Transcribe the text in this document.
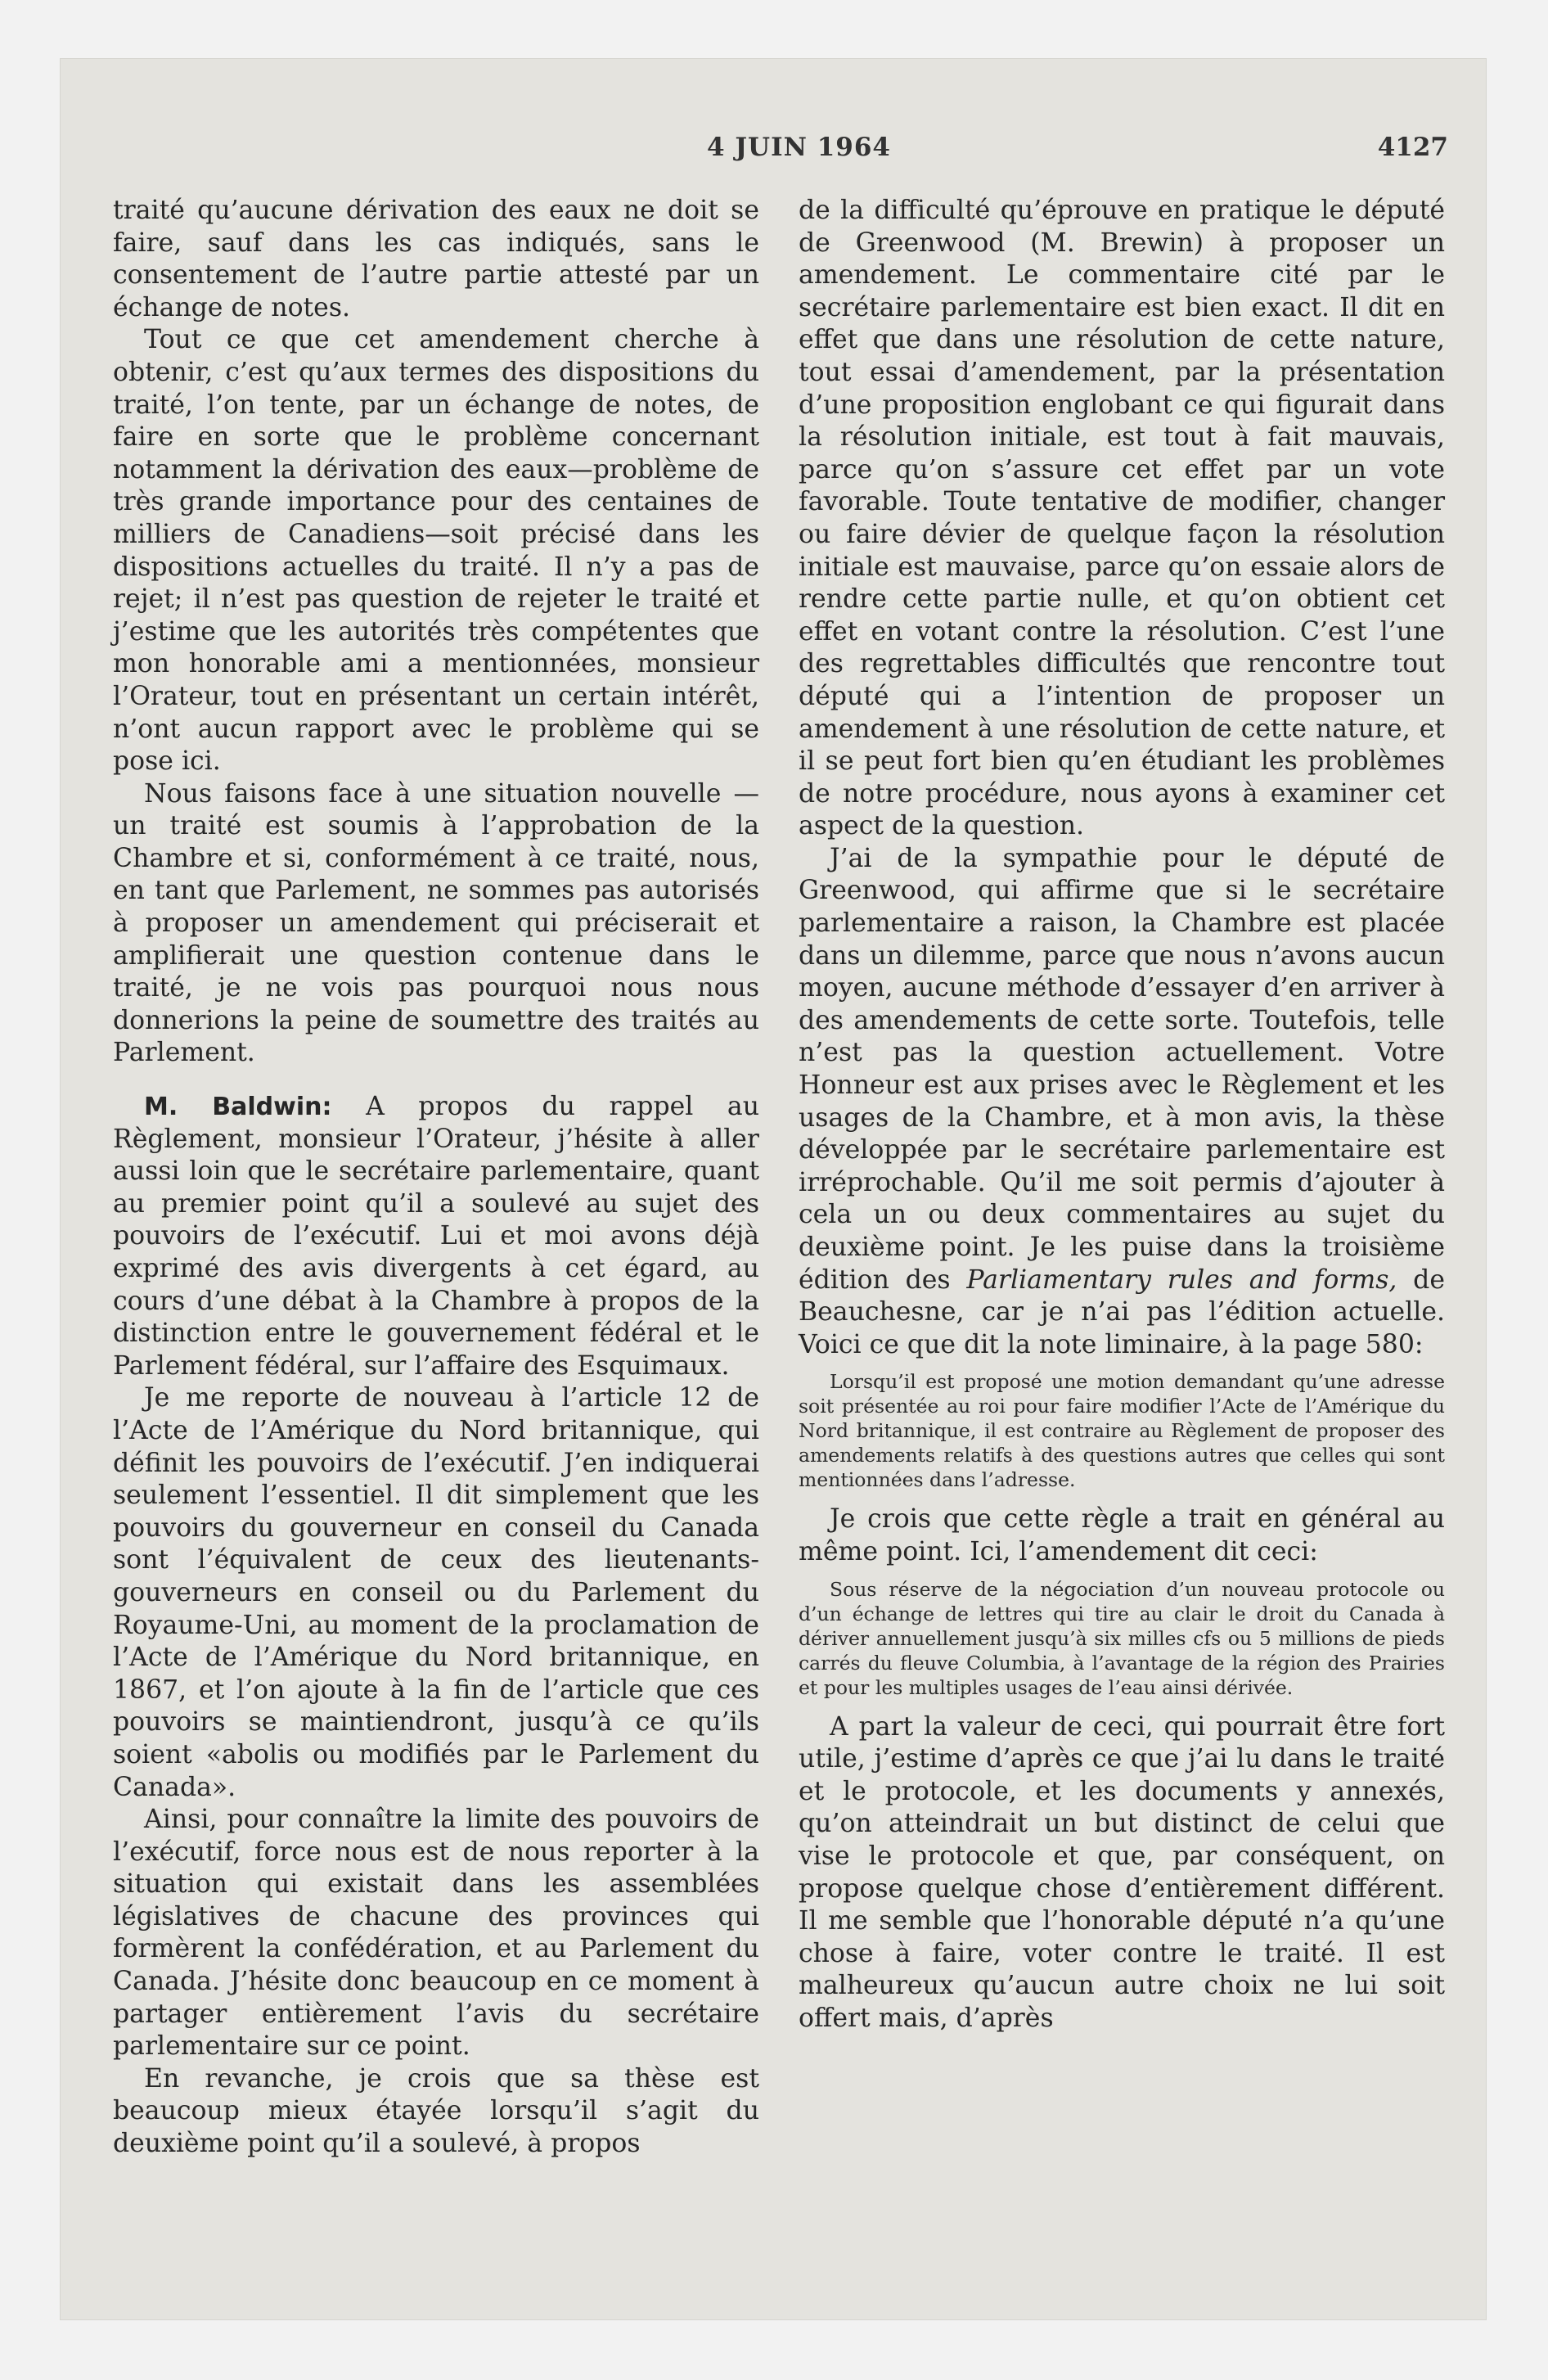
4 JUIN 1964	4127

traité qu’aucune dérivation des eaux ne doit se faire, sauf dans les cas indiqués, sans le consentement de l’autre partie attesté par un échange de notes.

Tout ce que cet amendement cherche à obtenir, c’est qu’aux termes des dispositions du traité, l’on tente, par un échange de notes, de faire en sorte que le problème concernant notamment la dérivation des eaux—problème de très grande importance pour des centaines de milliers de Canadiens—soit précisé dans les dispositions actuelles du traité. Il n’y a pas de rejet; il n’est pas question de rejeter le traité et j’estime que les autorités très compétentes que mon honorable ami a mentionnées, monsieur l’Orateur, tout en présentant un certain intérêt, n’ont aucun rapport avec le problème qui se pose ici.

Nous faisons face à une situation nouvelle —un traité est soumis à l’approbation de la Chambre et si, conformément à ce traité, nous, en tant que Parlement, ne sommes pas autorisés à proposer un amendement qui préciserait et amplifierait une question contenue dans le traité, je ne vois pas pourquoi nous nous donnerions la peine de soumettre des traités au Parlement.

M. Baldwin: A propos du rappel au Règlement, monsieur l’Orateur, j’hésite à aller aussi loin que le secrétaire parlementaire, quant au premier point qu’il a soulevé au sujet des pouvoirs de l’exécutif. Lui et moi avons déjà exprimé des avis divergents à cet égard, au cours d’une débat à la Chambre à propos de la distinction entre le gouvernement fédéral et le Parlement fédéral, sur l’affaire des Esquimaux.

Je me reporte de nouveau à l’article 12 de l’Acte de l’Amérique du Nord britannique, qui définit les pouvoirs de l’exécutif. J’en indiquerai seulement l’essentiel. Il dit simplement que les pouvoirs du gouverneur en conseil du Canada sont l’équivalent de ceux des lieutenants-gouverneurs en conseil ou du Parlement du Royaume-Uni, au moment de la proclamation de l’Acte de l’Amérique du Nord britannique, en 1867, et l’on ajoute à la fin de l’article que ces pouvoirs se maintiendront, jusqu’à ce qu’ils soient «abolis ou modifiés par le Parlement du Canada».

Ainsi, pour connaître la limite des pouvoirs de l’exécutif, force nous est de nous reporter à la situation qui existait dans les assemblées législatives de chacune des provinces qui formèrent la confédération, et au Parlement du Canada. J’hésite donc beaucoup en ce moment à partager entièrement l’avis du secrétaire parlementaire sur ce point.

En revanche, je crois que sa thèse est beaucoup mieux étayée lorsqu’il s’agit du deuxième point qu’il a soulevé, à propos

de la difficulté qu’éprouve en pratique le député de Greenwood (M. Brewin) à proposer un amendement. Le commentaire cité par le secrétaire parlementaire est bien exact. Il dit en effet que dans une résolution de cette nature, tout essai d’amendement, par la présentation d’une proposition englobant ce qui figurait dans la résolution initiale, est tout à fait mauvais, parce qu’on s’assure cet effet par un vote favorable. Toute tentative de modifier, changer ou faire dévier de quelque façon la résolution initiale est mauvaise, parce qu’on essaie alors de rendre cette partie nulle, et qu’on obtient cet effet en votant contre la résolution. C’est l’une des regrettables difficultés que rencontre tout député qui a l’intention de proposer un amendement à une résolution de cette nature, et il se peut fort bien qu’en étudiant les problèmes de notre procédure, nous ayons à examiner cet aspect de la question.

J’ai de la sympathie pour le député de Greenwood, qui affirme que si le secrétaire parlementaire a raison, la Chambre est placée dans un dilemme, parce que nous n’avons aucun moyen, aucune méthode d’essayer d’en arriver à des amendements de cette sorte. Toutefois, telle n’est pas la question actuellement. Votre Honneur est aux prises avec le Règlement et les usages de la Chambre, et à mon avis, la thèse développée par le secrétaire parlementaire est irréprochable. Qu’il me soit permis d’ajouter à cela un ou deux commentaires au sujet du deuxième point. Je les puise dans la troisième édition des Parliamentary rules and forms, de Beauchesne, car je n’ai pas l’édition actuelle. Voici ce que dit la note liminaire, à la page 580:

Lorsqu’il est proposé une motion demandant qu’une adresse soit présentée au roi pour faire modifier l’Acte de l’Amérique du Nord britannique, il est contraire au Règlement de proposer des amendements relatifs à des questions autres que celles qui sont mentionnées dans l’adresse.

Je crois que cette règle a trait en général au même point. Ici, l’amendement dit ceci:

Sous réserve de la négociation d’un nouveau protocole ou d’un échange de lettres qui tire au clair le droit du Canada à dériver annuellement jusqu’à six milles cfs ou 5 millions de pieds carrés du fleuve Columbia, à l’avantage de la région des Prairies et pour les multiples usages de l’eau ainsi dérivée.

A part la valeur de ceci, qui pourrait être fort utile, j’estime d’après ce que j’ai lu dans le traité et le protocole, et les documents y annexés, qu’on atteindrait un but distinct de celui que vise le protocole et que, par conséquent, on propose quelque chose d’entièrement différent. Il me semble que l’honorable député n’a qu’une chose à faire, voter contre le traité. Il est malheureux qu’aucun autre choix ne lui soit offert mais, d’après
